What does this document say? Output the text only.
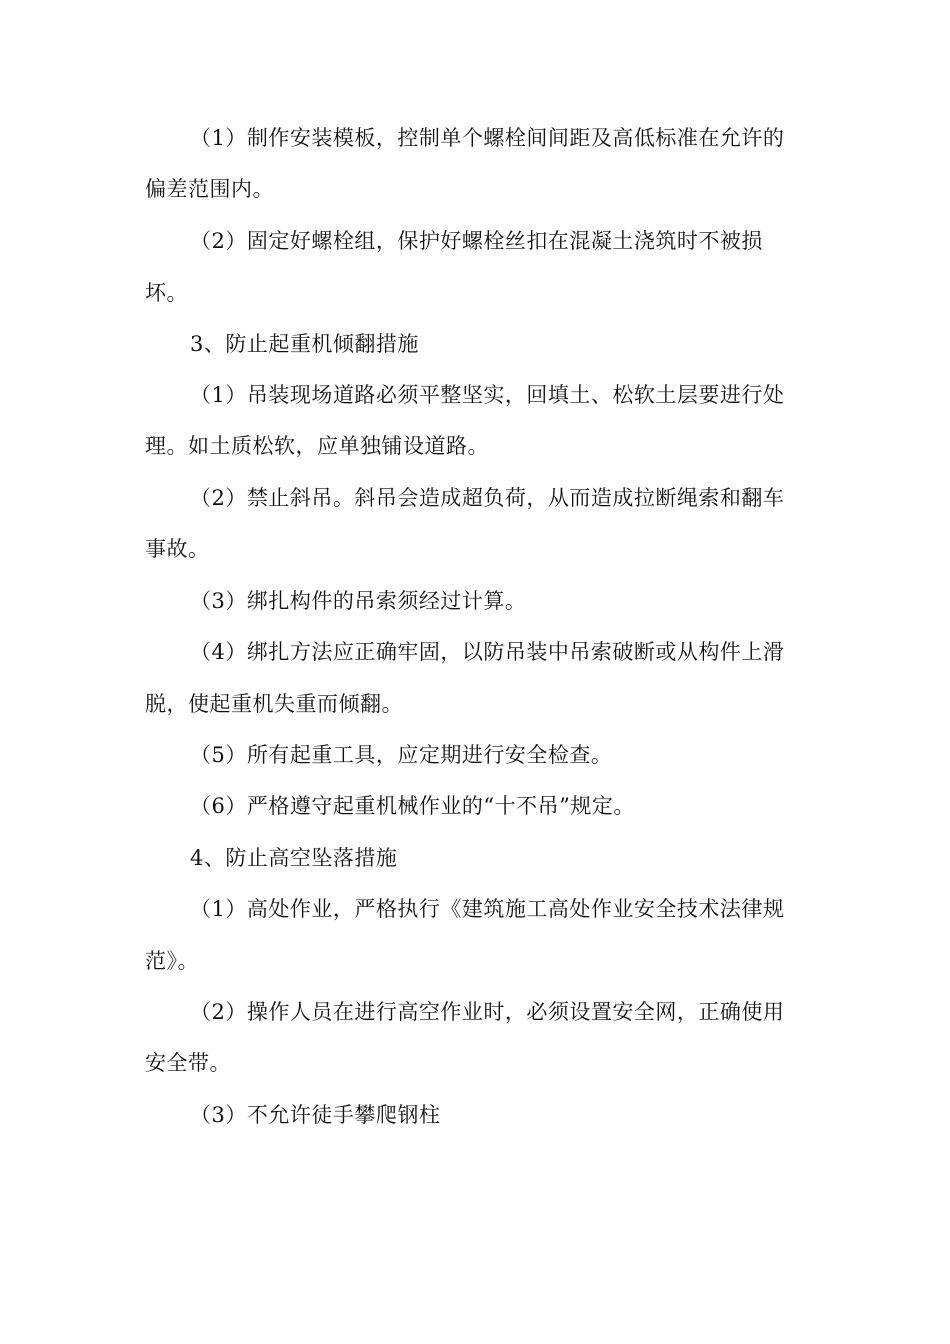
（1）制作安装模板，控制单个螺栓间间距及高低标准在允许的
偏差范围内。
（2）固定好螺栓组，保护好螺栓丝扣在混凝土浇筑时不被损
坏。
3、防止起重机倾翻措施
（1）吊装现场道路必须平整坚实，回填土、松软土层要进行处
理。如土质松软，应单独铺设道路。
（2）禁止斜吊。斜吊会造成超负荷，从而造成拉断绳索和翻车
事故。
（3）绑扎构件的吊索须经过计算。
（4）绑扎方法应正确牢固，以防吊装中吊索破断或从构件上滑
脱，使起重机失重而倾翻。
（5）所有起重工具，应定期进行安全检查。
（6）严格遵守起重机械作业的“十不吊”规定。
4、防止高空坠落措施
（1）高处作业，严格执行《建筑施工高处作业安全技术法律规
范》。
（2）操作人员在进行高空作业时，必须设置安全网，正确使用
安全带。
（3）不允许徒手攀爬钢柱
